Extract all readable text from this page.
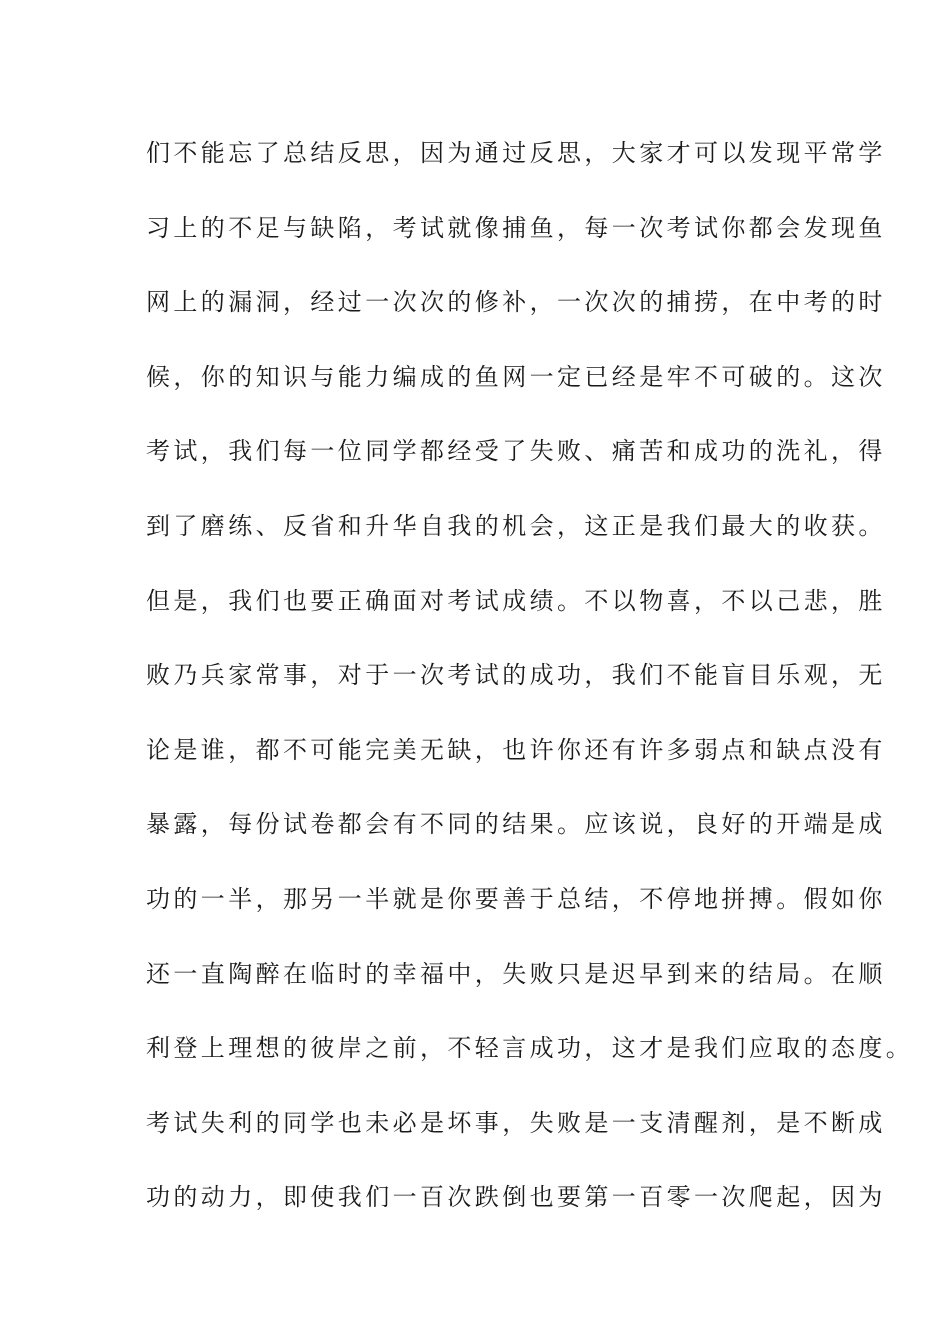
们不能忘了总结反思，因为通过反思，大家才可以发现平常学
习上的不足与缺陷，考试就像捕鱼，每一次考试你都会发现鱼
网上的漏洞，经过一次次的修补，一次次的捕捞，在中考的时
候，你的知识与能力编成的鱼网一定已经是牢不可破的。这次
考试，我们每一位同学都经受了失败、痛苦和成功的洗礼，得
到了磨练、反省和升华自我的机会，这正是我们最大的收获。
但是，我们也要正确面对考试成绩。不以物喜，不以己悲，胜
败乃兵家常事，对于一次考试的成功，我们不能盲目乐观，无
论是谁，都不可能完美无缺，也许你还有许多弱点和缺点没有
暴露，每份试卷都会有不同的结果。应该说，良好的开端是成
功的一半，那另一半就是你要善于总结，不停地拼搏。假如你
还一直陶醉在临时的幸福中，失败只是迟早到来的结局。在顺
利登上理想的彼岸之前，不轻言成功，这才是我们应取的态度。
考试失利的同学也未必是坏事，失败是一支清醒剂，是不断成
功的动力，即使我们一百次跌倒也要第一百零一次爬起，因为
